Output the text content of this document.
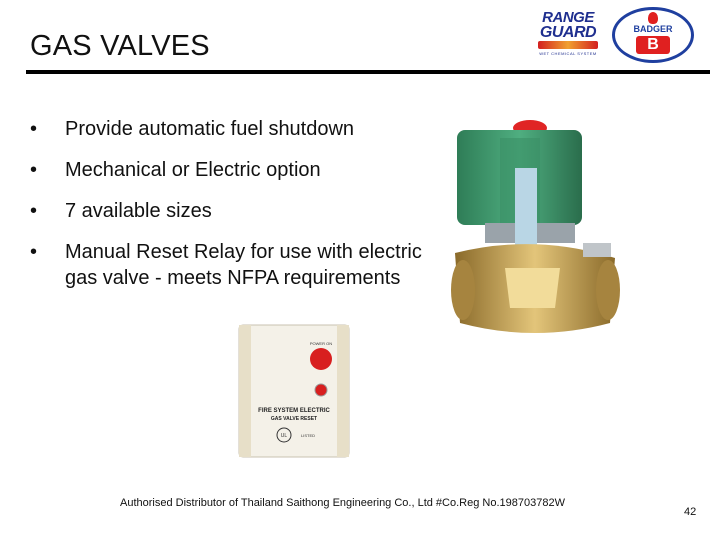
GAS VALVES
RANGE
GUARD
WET CHEMICAL SYSTEM
BADGER
B
• Provide automatic fuel shutdown
• Mechanical or Electric option
• 7 available sizes
• Manual Reset Relay for use with electric gas valve - meets NFPA requirements
POWER ON
FIRE SYSTEM ELECTRIC
GAS VALVE RESET
UL	LISTED
Authorised Distributor of Thailand Saithong Engineering Co., Ltd #Co.Reg No.198703782W
42
